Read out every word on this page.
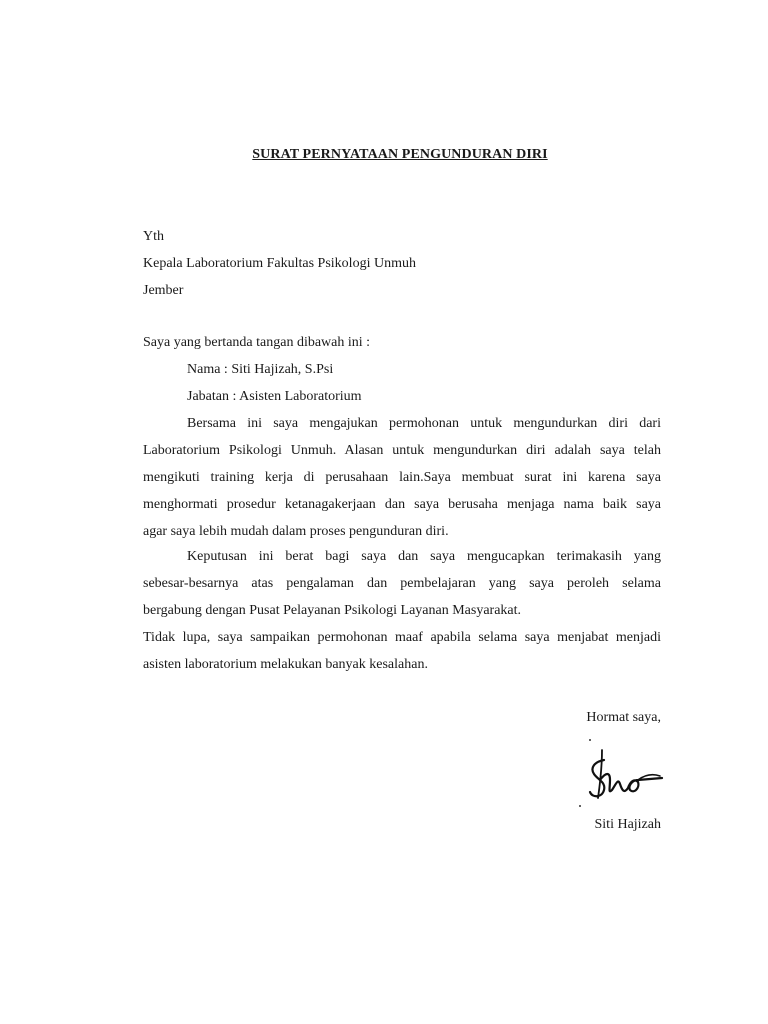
SURAT PERNYATAAN PENGUNDURAN DIRI
Yth
Kepala Laboratorium Fakultas Psikologi Unmuh
Jember
Saya yang bertanda tangan dibawah ini :
Nama : Siti Hajizah, S.Psi
Jabatan : Asisten Laboratorium
Bersama ini saya mengajukan permohonan untuk mengundurkan diri dari
Laboratorium Psikologi Unmuh. Alasan untuk mengundurkan diri adalah saya telah
mengikuti training kerja di perusahaan lain.Saya membuat surat ini karena saya
menghormati prosedur ketanagakerjaan dan saya berusaha menjaga nama baik saya
agar saya lebih mudah dalam proses pengunduran diri.
Keputusan ini berat bagi saya dan saya mengucapkan terimakasih yang
sebesar-besarnya atas pengalaman dan pembelajaran yang saya peroleh selama
bergabung dengan Pusat Pelayanan Psikologi Layanan Masyarakat.
Tidak lupa, saya sampaikan permohonan maaf apabila selama saya menjabat menjadi
asisten laboratorium melakukan banyak kesalahan.
Hormat saya,
Siti Hajizah
